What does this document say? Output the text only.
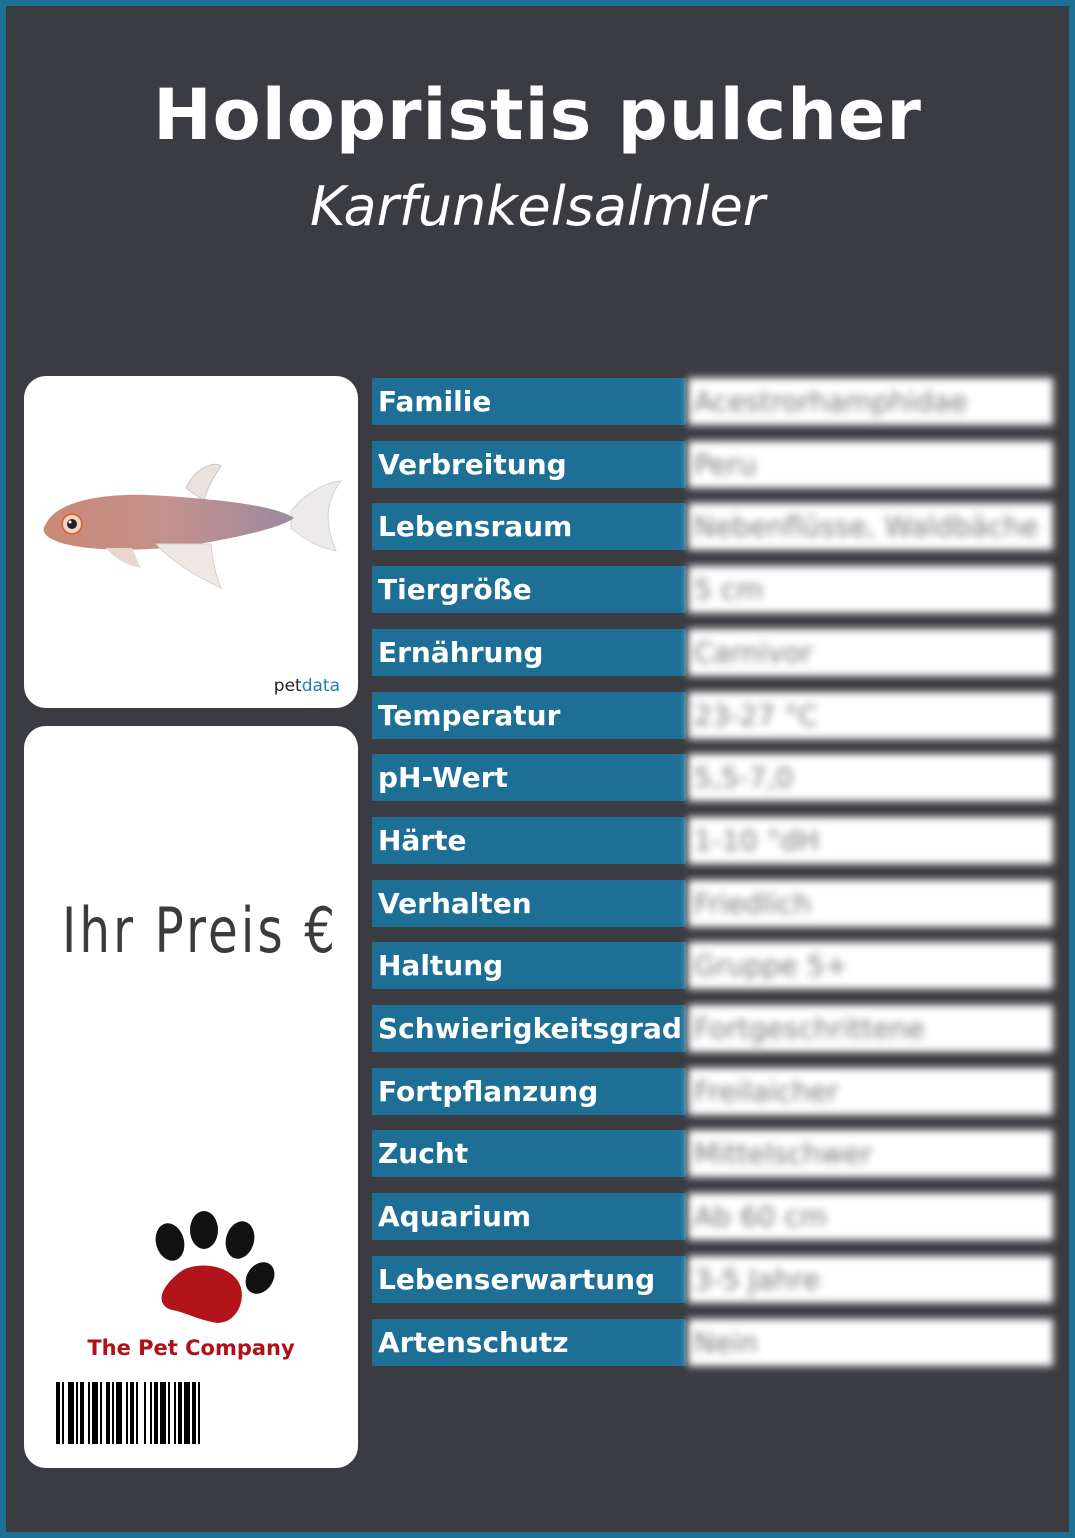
Holopristis pulcher
Karfunkelsalmler
petdata
Ihr Preis €
The Pet Company
Familie	Acestrorhamphidae
Verbreitung	Peru
Lebensraum	Nebenflüsse, Waldbäche
Tiergröße	5 cm
Ernährung	Carnivor
Temperatur	23-27 °C
pH-Wert	5,5-7,0
Härte	1-10 °dH
Verhalten	Friedlich
Haltung	Gruppe 5+
Schwierigkeitsgrad Fortgeschrittene
Fortpflanzung	Freilaicher
Zucht	Mittelschwer
Aquarium	Ab 60 cm
Lebenserwartung	3-5 Jahre
Artenschutz	Nein
